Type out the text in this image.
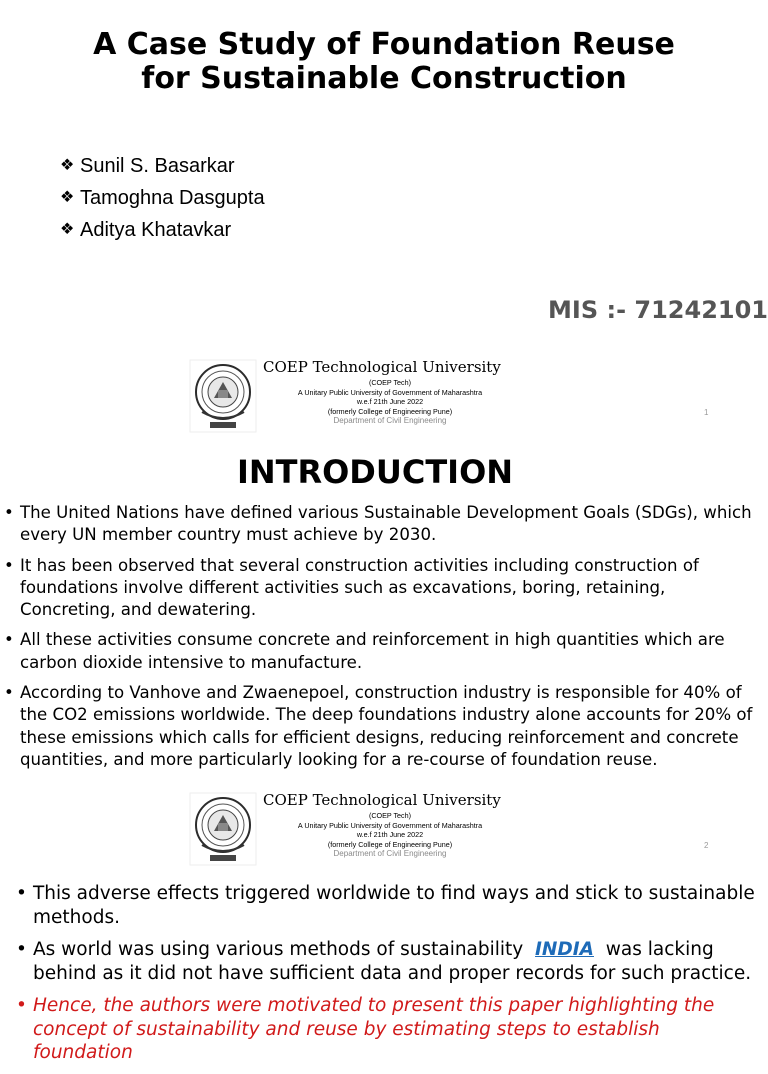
A Case Study of Foundation Reuse
for Sustainable Construction
❖ Sunil S. Basarkar
❖ Tamoghna Dasgupta
❖ Aditya Khatavkar
MIS :- 71242101
COEP Technological University
(COEP Tech)
A Unitary Public University of Government of Maharashtra
w.e.f 21th June 2022
(formerly College of Engineering Pune)
Department of Civil Engineering
1
INTRODUCTION
• The United Nations have defined various Sustainable Development Goals (SDGs), which every UN member country must achieve by 2030.
• It has been observed that several construction activities including construction of foundations involve different activities such as excavations, boring, retaining, Concreting, and dewatering.
• All these activities consume concrete and reinforcement in high quantities which are carbon dioxide intensive to manufacture.
• According to Vanhove and Zwaenepoel, construction industry is responsible for 40% of the CO2 emissions worldwide. The deep foundations industry alone accounts for 20% of these emissions which calls for efficient designs, reducing reinforcement and concrete quantities, and more particularly looking for a re-course of foundation reuse.
COEP Technological University
(COEP Tech)
A Unitary Public University of Government of Maharashtra
w.e.f 21th June 2022
(formerly College of Engineering Pune)
Department of Civil Engineering
2
• This adverse effects triggered worldwide to find ways and stick to sustainable methods.
• As world was using various methods of sustainability  INDIA  was lacking behind as it did not have sufficient data and proper records for such practice.
• Hence, the authors were motivated to present this paper highlighting the concept of sustainability and reuse by estimating steps to establish foundation
